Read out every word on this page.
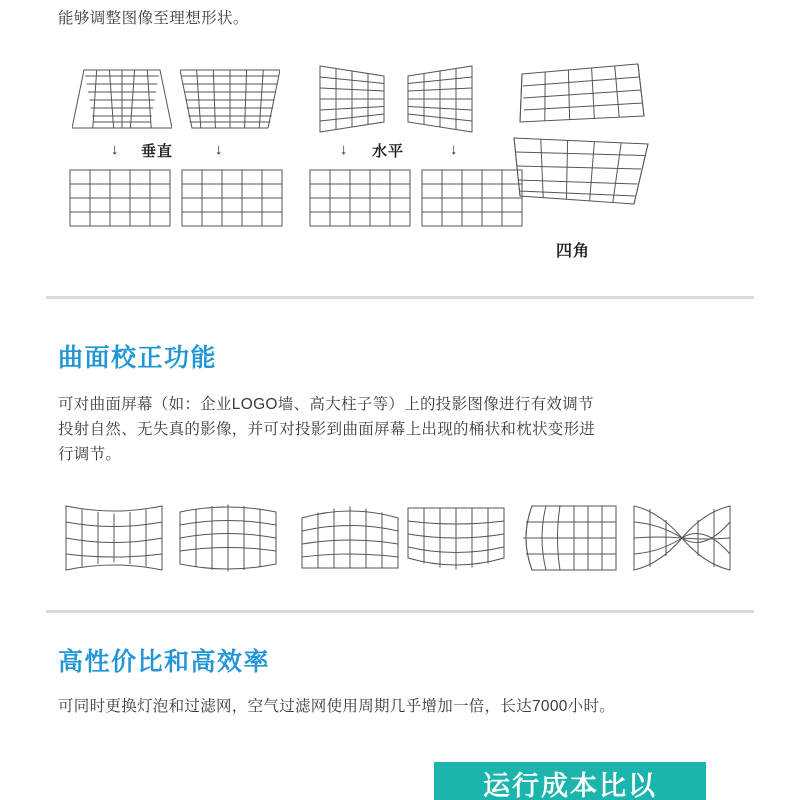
能够调整图像至理想形状。
↓ 垂直	↓	↓ 水平	↓
四角
曲面校正功能
可对曲面屏幕（如：企业LOGO墙、高大柱子等）上的投影图像进行有效调节
投射自然、无失真的影像，并可对投影到曲面屏幕上出现的桶状和枕状变形进
行调节。
高性价比和高效率
可同时更换灯泡和过滤网，空气过滤网使用周期几乎增加一倍，长达7000小时。
运行成本比以
